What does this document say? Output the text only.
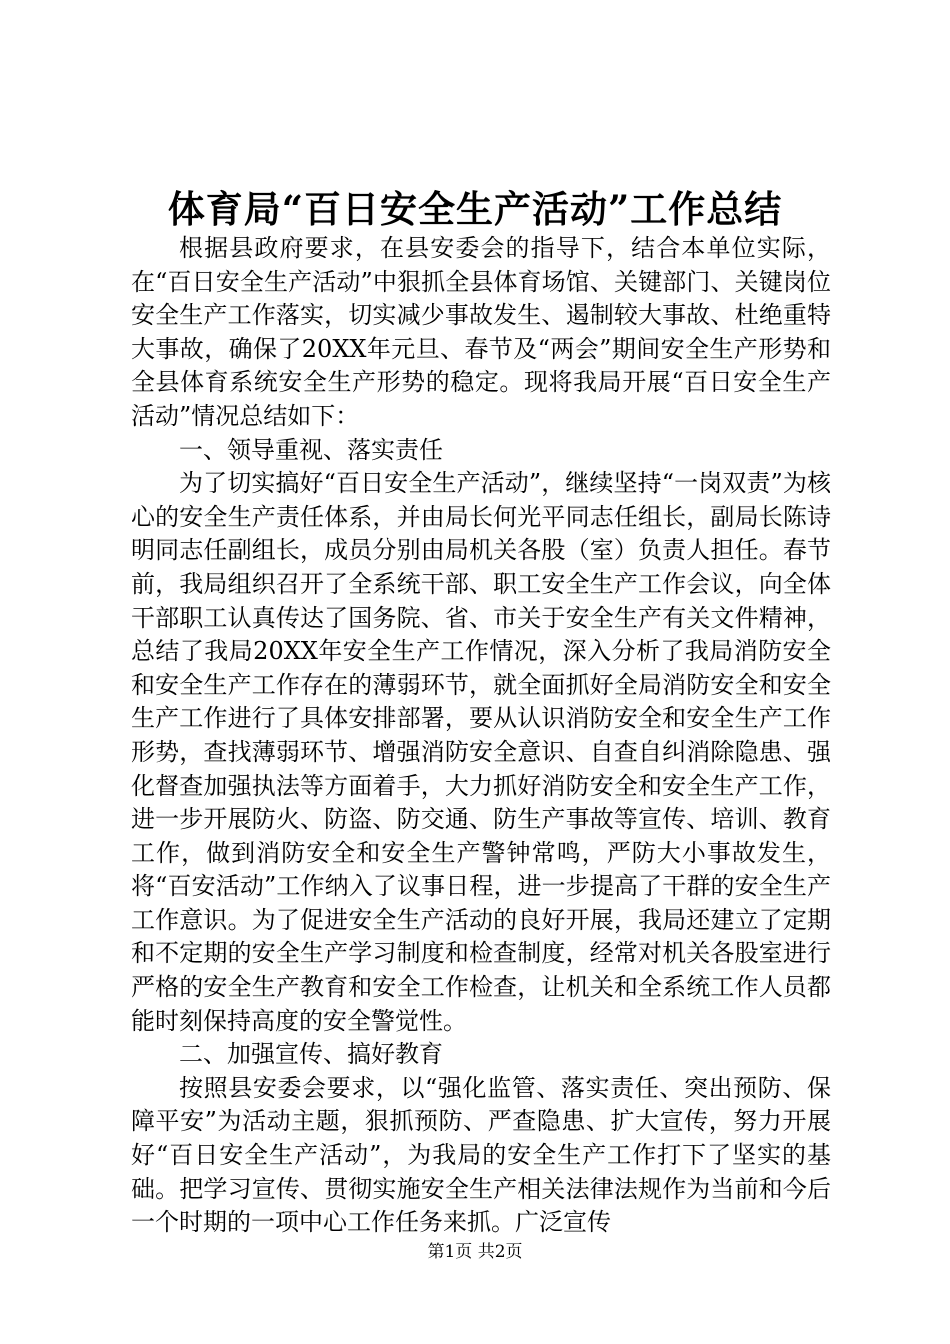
体育局“百日安全生产活动”工作总结

根据县政府要求，在县安委会的指导下，结合本单位实际，在“百日安全生产活动”中狠抓全县体育场馆、关键部门、关键岗位安全生产工作落实，切实减少事故发生、遏制较大事故、杜绝重特大事故，确保了20XX年元旦、春节及“两会”期间安全生产形势和全县体育系统安全生产形势的稳定。现将我局开展“百日安全生产活动”情况总结如下：

一、领导重视、落实责任

为了切实搞好“百日安全生产活动”，继续坚持“一岗双责”为核心的安全生产责任体系，并由局长何光平同志任组长，副局长陈诗明同志任副组长，成员分别由局机关各股（室）负责人担任。春节前，我局组织召开了全系统干部、职工安全生产工作会议，向全体干部职工认真传达了国务院、省、市关于安全生产有关文件精神，总结了我局20XX年安全生产工作情况，深入分析了我局消防安全和安全生产工作存在的薄弱环节，就全面抓好全局消防安全和安全生产工作进行了具体安排部署，要从认识消防安全和安全生产工作形势，查找薄弱环节、增强消防安全意识、自查自纠消除隐患、强化督查加强执法等方面着手，大力抓好消防安全和安全生产工作，进一步开展防火、防盗、防交通、防生产事故等宣传、培训、教育工作，做到消防安全和安全生产警钟常鸣，严防大小事故发生，将“百安活动”工作纳入了议事日程，进一步提高了干群的安全生产工作意识。为了促进安全生产活动的良好开展，我局还建立了定期和不定期的安全生产学习制度和检查制度，经常对机关各股室进行严格的安全生产教育和安全工作检查，让机关和全系统工作人员都能时刻保持高度的安全警觉性。

二、加强宣传、搞好教育

按照县安委会要求，以“强化监管、落实责任、突出预防、保障平安”为活动主题，狠抓预防、严查隐患、扩大宣传，努力开展好“百日安全生产活动”，为我局的安全生产工作打下了坚实的基础。把学习宣传、贯彻实施安全生产相关法律法规作为当前和今后一个时期的一项中心工作任务来抓。广泛宣传

第1页 共2页
